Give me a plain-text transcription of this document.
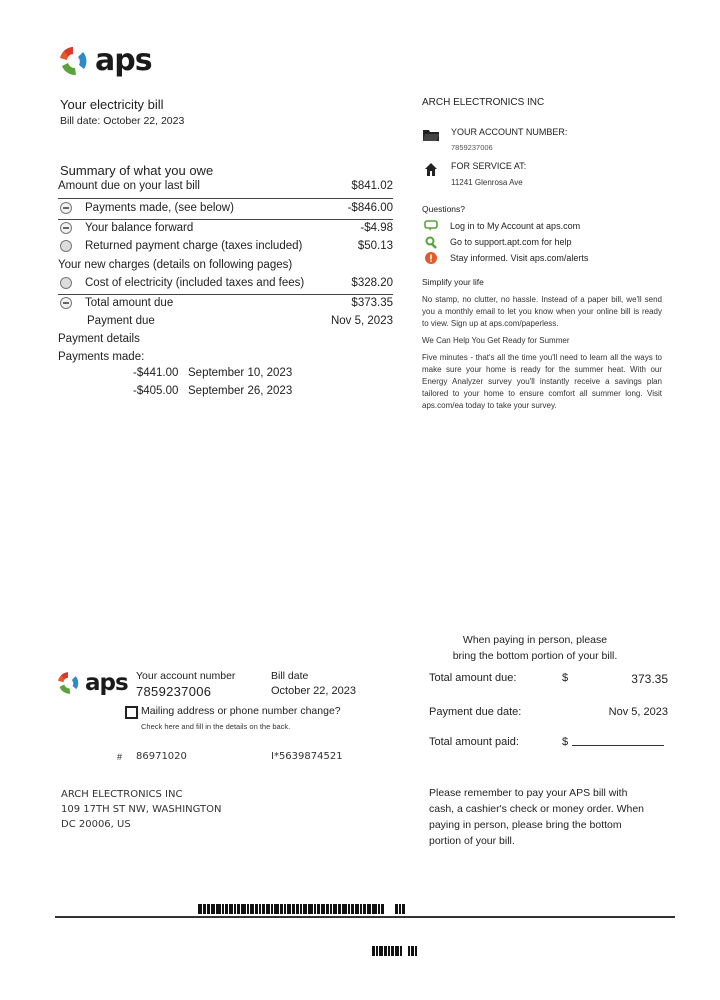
aps
Your electricity bill
Bill date: October 22, 2023
Summary of what you owe
Amount due on your last bill	$841.02
Payments made, (see below)	-$846.00
Your balance forward	-$4.98
Returned payment charge (taxes included)	$50.13
Your new charges (details on following pages)
Cost of electricity (included taxes and fees)	$328.20
Total amount due	$373.35
Payment due	Nov 5, 2023
Payment details
Payments made:
-$441.00 September 10, 2023
-$405.00 September 26, 2023
ARCH ELECTRONICS INC
YOUR ACCOUNT NUMBER:
7859237006
FOR SERVICE AT:
11241 Glenrosa Ave
Questions?
Log in to My Account at aps.com
Go to support.apt.com for help
Stay informed. Visit aps.com/alerts
Simplify your life
No stamp, no clutter, no hassle. Instead of a paper bill, we'll send you a monthly email to let you know when your online bill is ready to view. Sign up at aps.com/paperless.
We Can Help You Get Ready for Summer
Five minutes - that's all the time you'll need to learn all the ways to make sure your home is ready for the summer heat. With our Energy Analyzer survey you'll instantly receive a savings plan tailored to your home to ensure comfort all summer long. Visit aps.com/ea today to take your survey.
aps Your account number
7859237006
Bill date
October 22, 2023
Mailing address or phone number change?
Check here and fill in the details on the back.
# 86971020	I*5639874521
ARCH ELECTRONICS INC
109 17TH ST NW, WASHINGTON
DC 20006, US
When paying in person, please
bring the bottom portion of your bill.
Total amount due:	$	373.35
Payment due date:	Nov 5, 2023
Total amount paid:	$
Please remember to pay your APS bill with cash, a cashier's check or money order. When paying in person, please bring the bottom portion of your bill.
